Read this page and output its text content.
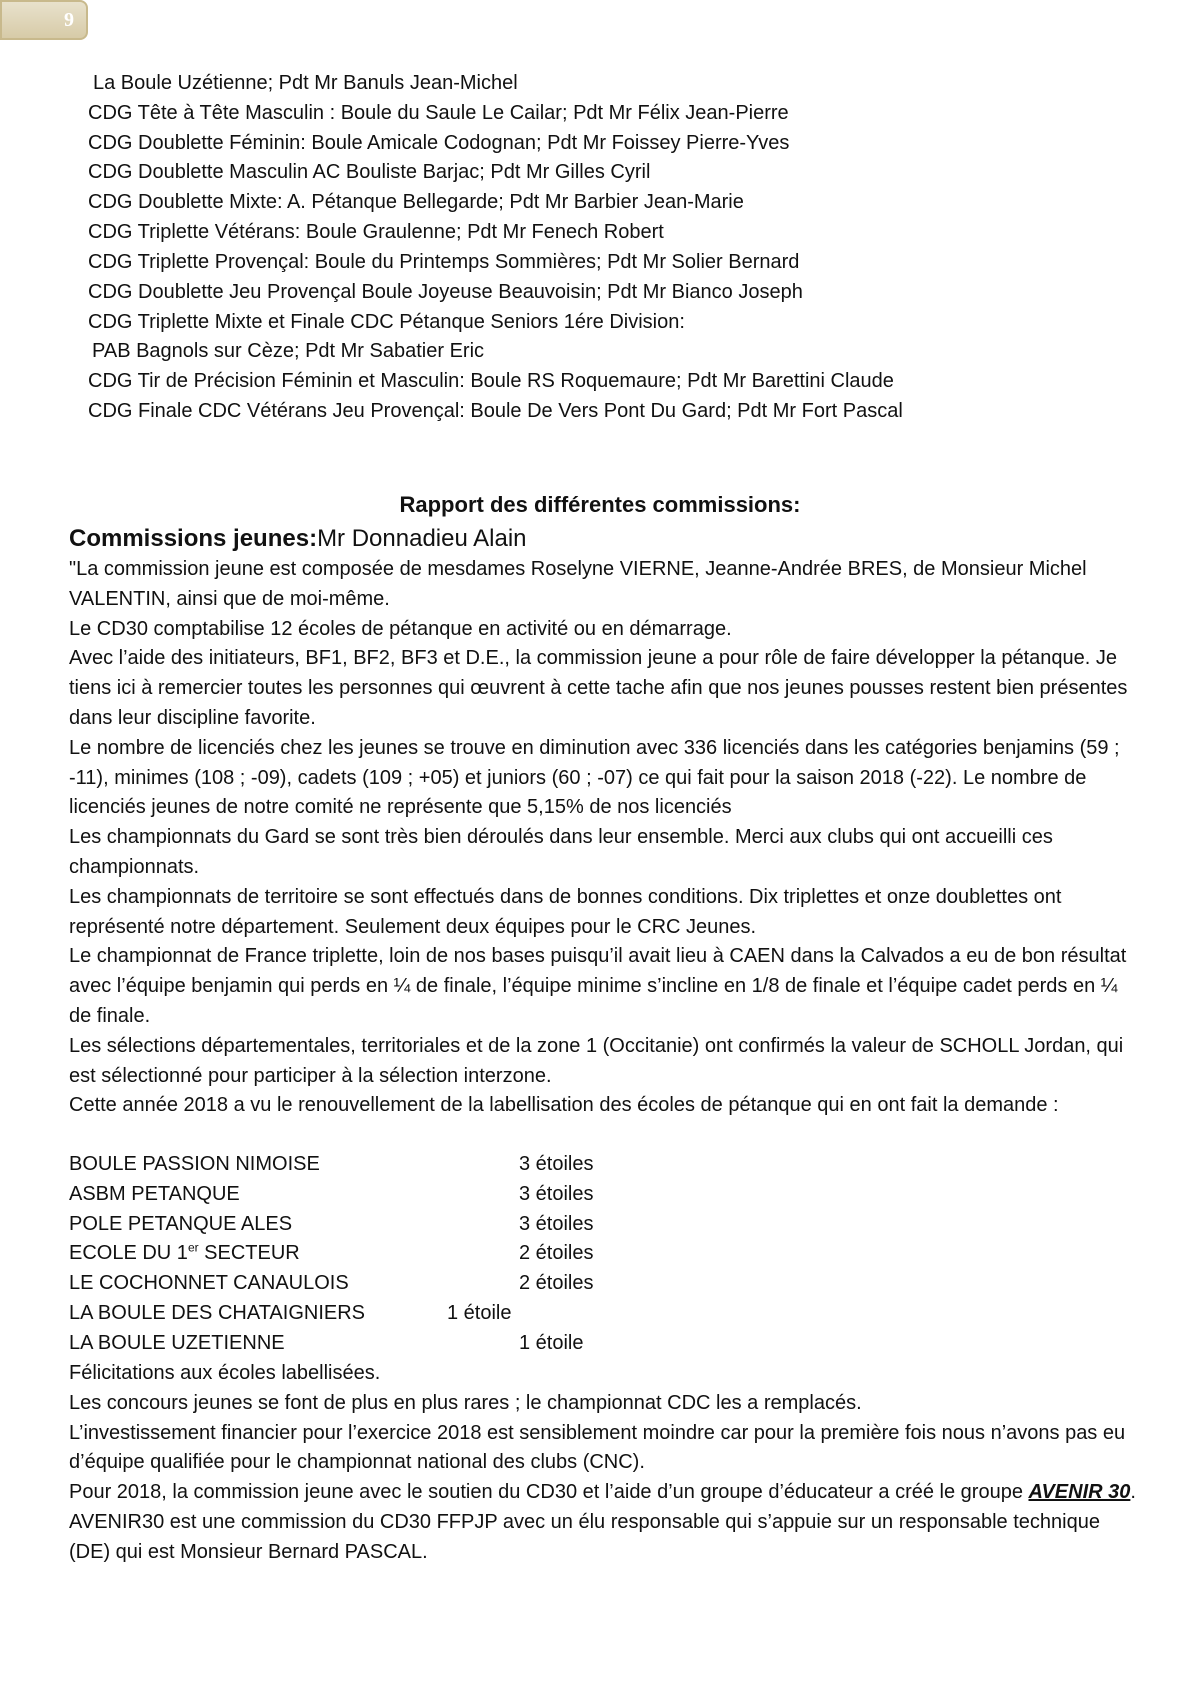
9
La Boule Uzétienne; Pdt Mr Banuls Jean-Michel
CDG Tête à Tête Masculin : Boule du Saule Le Cailar; Pdt Mr Félix Jean-Pierre
CDG Doublette Féminin: Boule Amicale Codognan; Pdt Mr Foissey Pierre-Yves
CDG Doublette Masculin AC Bouliste Barjac; Pdt Mr Gilles Cyril
CDG Doublette Mixte: A. Pétanque Bellegarde; Pdt Mr Barbier Jean-Marie
CDG Triplette Vétérans: Boule Graulenne; Pdt Mr Fenech Robert
CDG Triplette Provençal: Boule du Printemps Sommières; Pdt Mr Solier Bernard
CDG Doublette Jeu Provençal Boule Joyeuse Beauvoisin; Pdt Mr Bianco Joseph
CDG Triplette Mixte et Finale CDC Pétanque Seniors 1ére Division:
PAB Bagnols sur Cèze; Pdt Mr Sabatier Eric
CDG Tir de Précision Féminin et Masculin: Boule RS Roquemaure; Pdt Mr Barettini Claude
CDG Finale CDC Vétérans Jeu Provençal: Boule De Vers Pont Du Gard; Pdt Mr Fort Pascal
Rapport des différentes commissions:
Commissions jeunes:Mr Donnadieu Alain
"La commission jeune est composée de mesdames Roselyne VIERNE, Jeanne-Andrée BRES, de Monsieur Michel VALENTIN, ainsi que de moi-même.
Le CD30 comptabilise 12 écoles de pétanque en activité ou en démarrage.
Avec l’aide des initiateurs, BF1, BF2, BF3 et D.E., la commission jeune a pour rôle de faire développer la pétanque. Je tiens ici à remercier toutes les personnes qui œuvrent à cette tache afin que nos jeunes pousses restent bien présentes dans leur discipline favorite.
Le nombre de licenciés chez les jeunes se trouve en diminution avec 336 licenciés dans les catégories benjamins (59 ; -11), minimes (108 ; -09), cadets (109 ; +05) et juniors (60 ; -07) ce qui fait pour la saison 2018 (-22). Le nombre de licenciés jeunes de notre comité ne représente que 5,15% de nos licenciés
Les championnats du Gard se sont très bien déroulés dans leur ensemble. Merci aux clubs qui ont accueilli ces championnats.
Les championnats de territoire se sont effectués dans de bonnes conditions. Dix triplettes et onze doublettes ont représenté notre département. Seulement deux équipes pour le CRC Jeunes.
Le championnat de France triplette, loin de nos bases puisqu’il avait lieu à CAEN dans la Calvados a eu de bon résultat avec l’équipe benjamin qui perds en ¼ de finale, l’équipe minime s’incline en 1/8 de finale et l’équipe cadet perds en ¼ de finale.
Les sélections départementales, territoriales et de la zone 1 (Occitanie) ont confirmés la valeur de SCHOLL Jordan, qui est sélectionné pour participer à la sélection interzone.
Cette année 2018 a vu le renouvellement de la labellisation des écoles de pétanque qui en ont fait la demande :
BOULE PASSION NIMOISE	3 étoiles
ASBM PETANQUE	3 étoiles
POLE PETANQUE ALES	3 étoiles
ECOLE DU 1er SECTEUR	2 étoiles
LE COCHONNET CANAULOIS	2 étoiles
LA BOULE DES CHATAIGNIERS	1 étoile
LA BOULE UZETIENNE	1 étoile
Félicitations aux écoles labellisées.
Les concours jeunes se font de plus en plus rares ; le championnat CDC les a remplacés.
L’investissement financier pour l’exercice 2018 est sensiblement moindre car pour la première fois nous n’avons pas eu d’équipe qualifiée pour le championnat national des clubs (CNC).
Pour 2018, la commission jeune avec le soutien du CD30 et l’aide d’un groupe d’éducateur a créé le groupe AVENIR 30.
AVENIR30 est une commission du CD30 FFPJP avec un élu responsable qui s’appuie sur un responsable technique (DE) qui est Monsieur Bernard PASCAL.
